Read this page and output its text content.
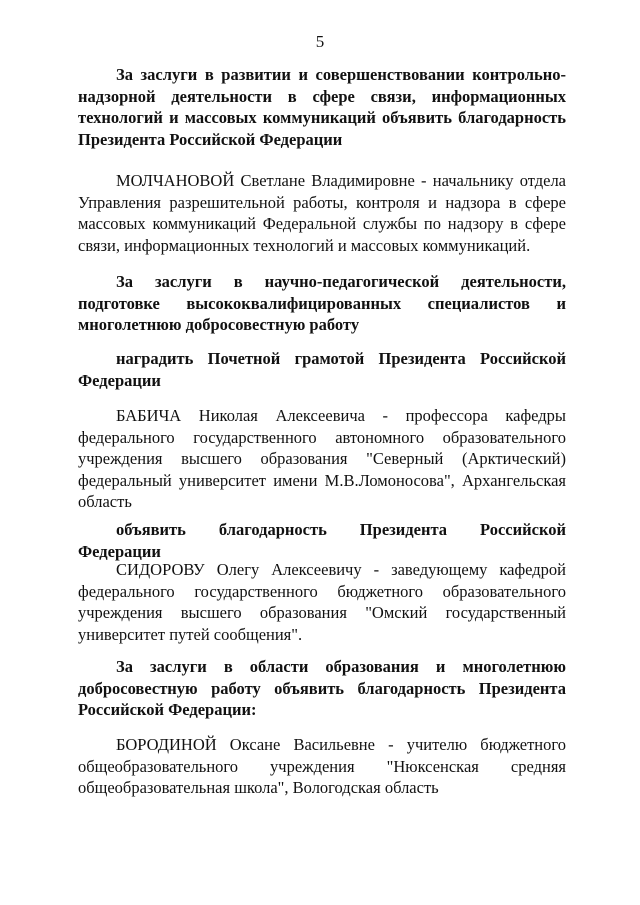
5

За заслуги в развитии и совершенствовании контрольно-надзорной деятельности в сфере связи, информационных технологий и массовых коммуникаций объявить благодарность Президента Российской Федерации

МОЛЧАНОВОЙ Светлане Владимировне - начальнику отдела Управления разрешительной работы, контроля и надзора в сфере массовых коммуникаций Федеральной службы по надзору в сфере связи, информационных технологий и массовых коммуникаций.

За заслуги в научно-педагогической деятельности, подготовке высококвалифицированных специалистов и многолетнюю добросовестную работу

наградить Почетной грамотой Президента Российской Федерации

БАБИЧА Николая Алексеевича - профессора кафедры федерального государственного автономного образовательного учреждения высшего образования "Северный (Арктический) федеральный университет имени М.В.Ломоносова", Архангельская область

объявить благодарность Президента Российской Федерации

СИДОРОВУ Олегу Алексеевичу - заведующему кафедрой федерального государственного бюджетного образовательного учреждения высшего образования "Омский государственный университет путей сообщения".

За заслуги в области образования и многолетнюю добросовестную работу объявить благодарность Президента Российской Федерации:

БОРОДИНОЙ Оксане Васильевне - учителю бюджетного общеобразовательного учреждения "Нюксенская средняя общеобразовательная школа", Вологодская область
